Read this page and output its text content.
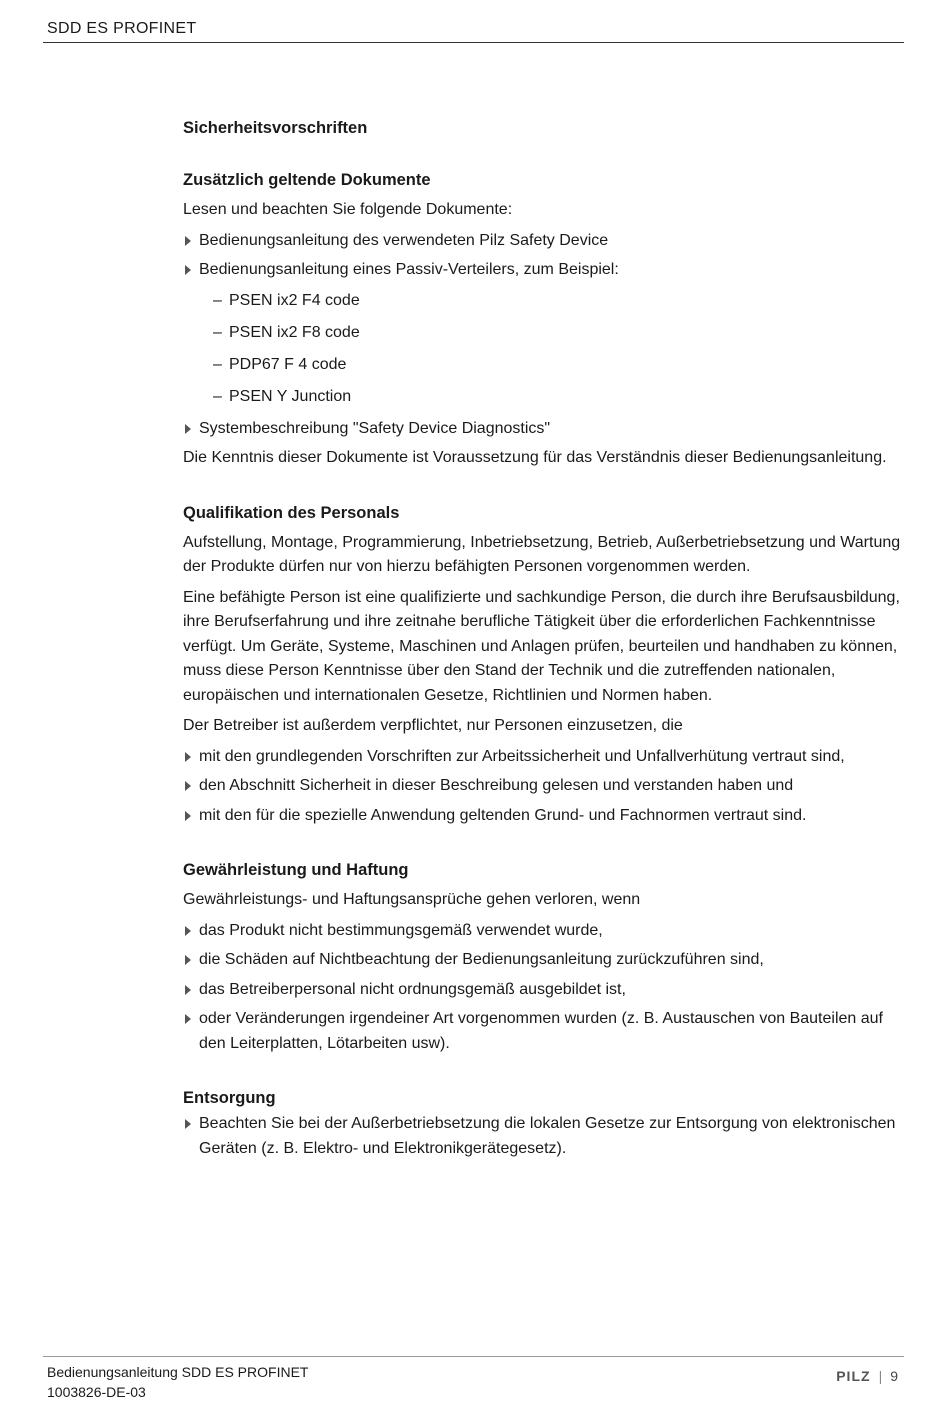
SDD ES PROFINET
Sicherheitsvorschriften
Zusätzlich geltende Dokumente

Lesen und beachten Sie folgende Dokumente:

Bedienungsanleitung des verwendeten Pilz Safety Device
Bedienungsanleitung eines Passiv-Verteilers, zum Beispiel:
– PSEN ix2 F4 code
– PSEN ix2 F8 code
– PDP67 F 4 code
– PSEN Y Junction
Systembeschreibung "Safety Device Diagnostics"

Die Kenntnis dieser Dokumente ist Voraussetzung für das Verständnis dieser Bedienungsanleitung.

Qualifikation des Personals

Aufstellung, Montage, Programmierung, Inbetriebsetzung, Betrieb, Außerbetriebsetzung und Wartung der Produkte dürfen nur von hierzu befähigten Personen vorgenommen werden.

Eine befähigte Person ist eine qualifizierte und sachkundige Person, die durch ihre Berufsausbildung, ihre Berufserfahrung und ihre zeitnahe berufliche Tätigkeit über die erforderlichen Fachkenntnisse verfügt. Um Geräte, Systeme, Maschinen und Anlagen prüfen, beurteilen und handhaben zu können, muss diese Person Kenntnisse über den Stand der Technik und die zutreffenden nationalen, europäischen und internationalen Gesetze, Richtlinien und Normen haben.

Der Betreiber ist außerdem verpflichtet, nur Personen einzusetzen, die

mit den grundlegenden Vorschriften zur Arbeitssicherheit und Unfallverhütung vertraut sind,
den Abschnitt Sicherheit in dieser Beschreibung gelesen und verstanden haben und
mit den für die spezielle Anwendung geltenden Grund- und Fachnormen vertraut sind.
Gewährleistung und Haftung

Gewährleistungs- und Haftungsansprüche gehen verloren, wenn

das Produkt nicht bestimmungsgemäß verwendet wurde,
die Schäden auf Nichtbeachtung der Bedienungsanleitung zurückzuführen sind,
das Betreiberpersonal nicht ordnungsgemäß ausgebildet ist,
oder Veränderungen irgendeiner Art vorgenommen wurden (z. B. Austauschen von Bauteilen auf den Leiterplatten, Lötarbeiten usw).
Entsorgung
Beachten Sie bei der Außerbetriebsetzung die lokalen Gesetze zur Entsorgung von elektronischen Geräten (z. B. Elektro- und Elektronikgerätegesetz).
Bedienungsanleitung SDD ES PROFINET
1003826-DE-03
PILZ | 9
